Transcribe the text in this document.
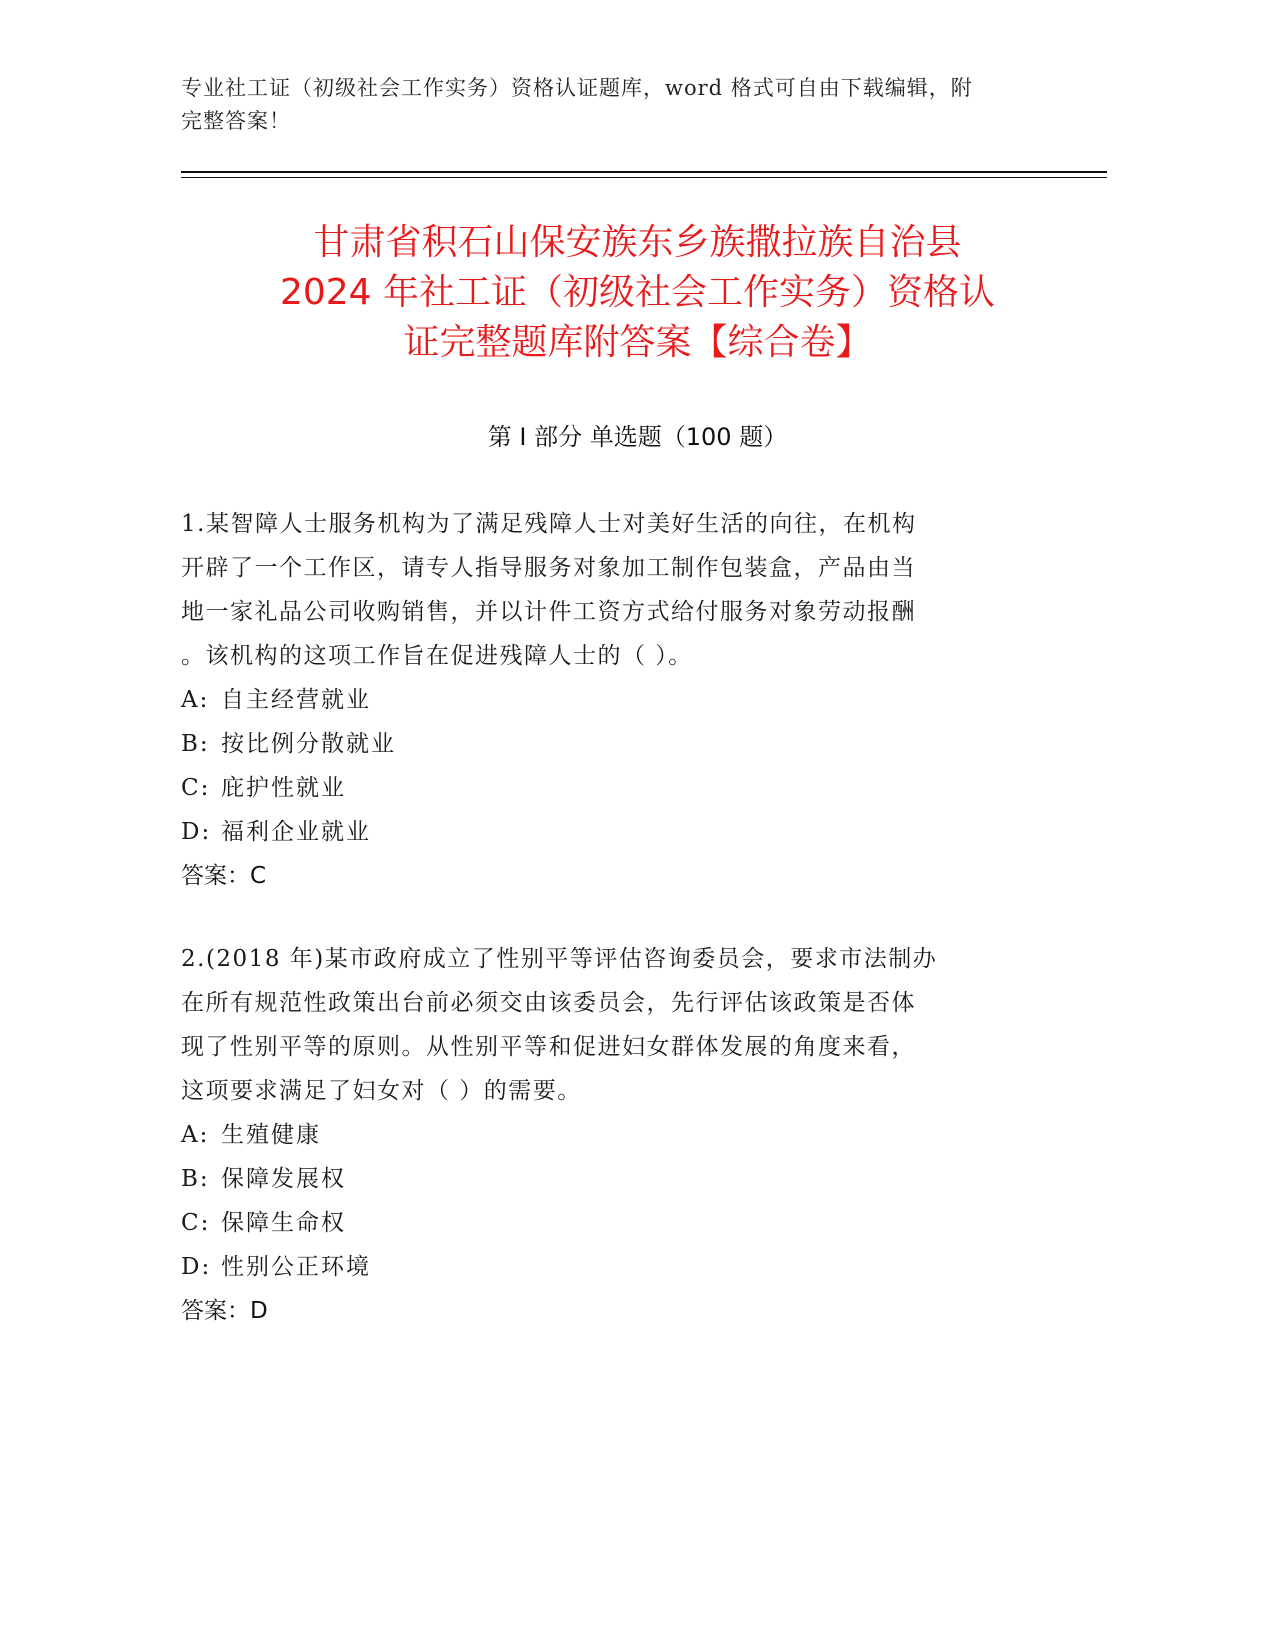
专业社工证（初级社会工作实务）资格认证题库，word 格式可自由下载编辑，附
完整答案！
甘肃省积石山保安族东乡族撒拉族自治县
2024 年社工证（初级社会工作实务）资格认
证完整题库附答案【综合卷】
第 I 部分 单选题（100 题）

1.某智障人士服务机构为了满足残障人士对美好生活的向往，在机构
开辟了一个工作区，请专人指导服务对象加工制作包装盒，产品由当
地一家礼品公司收购销售，并以计件工资方式给付服务对象劳动报酬
。该机构的这项工作旨在促进残障人士的（ ）。

A: 自主经营就业
B: 按比例分散就业
C: 庇护性就业
D: 福利企业就业
答案：C

2.(2018 年)某市政府成立了性别平等评估咨询委员会，要求市法制办
在所有规范性政策出台前必须交由该委员会，先行评估该政策是否体
现了性别平等的原则。从性别平等和促进妇女群体发展的角度来看，
这项要求满足了妇女对（ ）的需要。

A: 生殖健康
B: 保障发展权
C: 保障生命权
D: 性别公正环境
答案：D
